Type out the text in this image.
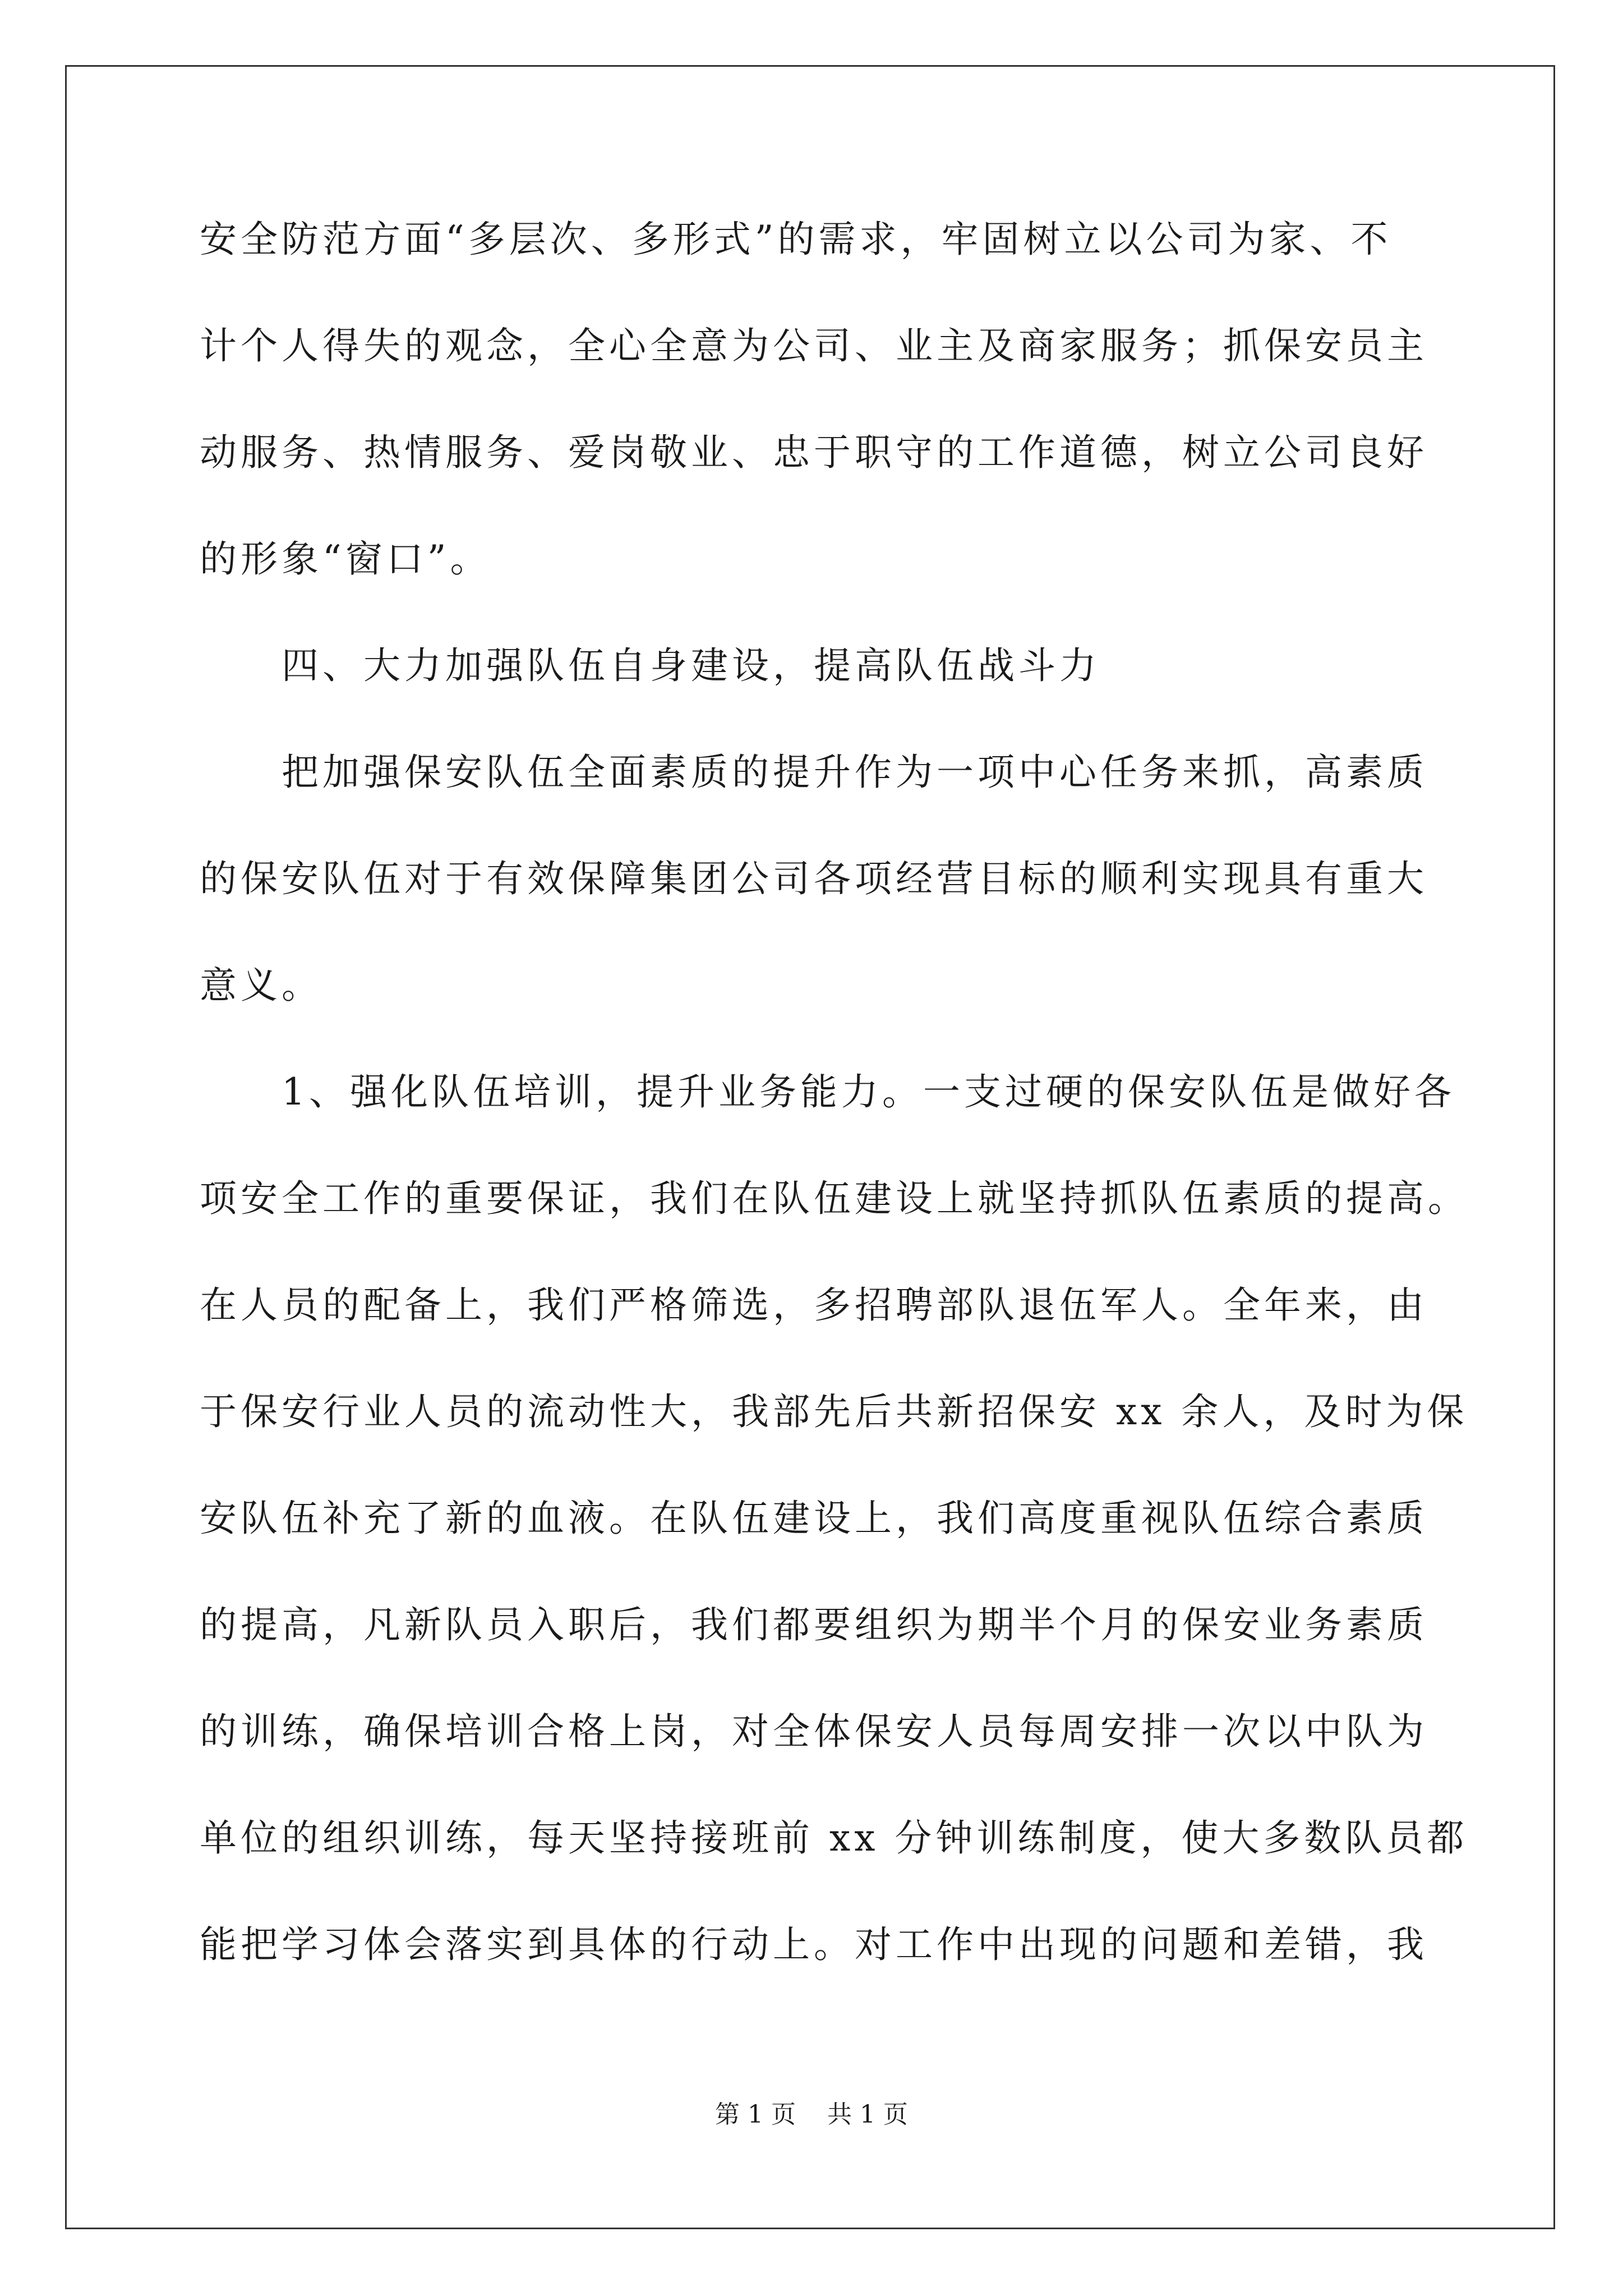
安全防范方面“多层次、多形式”的需求，牢固树立以公司为家、不
计个人得失的观念，全心全意为公司、业主及商家服务；抓保安员主
动服务、热情服务、爱岗敬业、忠于职守的工作道德，树立公司良好
的形象“窗口”。
四、大力加强队伍自身建设，提高队伍战斗力
把加强保安队伍全面素质的提升作为一项中心任务来抓，高素质
的保安队伍对于有效保障集团公司各项经营目标的顺利实现具有重大
意义。
1、强化队伍培训，提升业务能力。一支过硬的保安队伍是做好各
项安全工作的重要保证，我们在队伍建设上就坚持抓队伍素质的提高。
在人员的配备上，我们严格筛选，多招聘部队退伍军人。全年来，由
于保安行业人员的流动性大，我部先后共新招保安 xx 余人，及时为保
安队伍补充了新的血液。在队伍建设上，我们高度重视队伍综合素质
的提高，凡新队员入职后，我们都要组织为期半个月的保安业务素质
的训练，确保培训合格上岗，对全体保安人员每周安排一次以中队为
单位的组织训练，每天坚持接班前 xx 分钟训练制度，使大多数队员都
能把学习体会落实到具体的行动上。对工作中出现的问题和差错，我
第 1 页    共 1 页
